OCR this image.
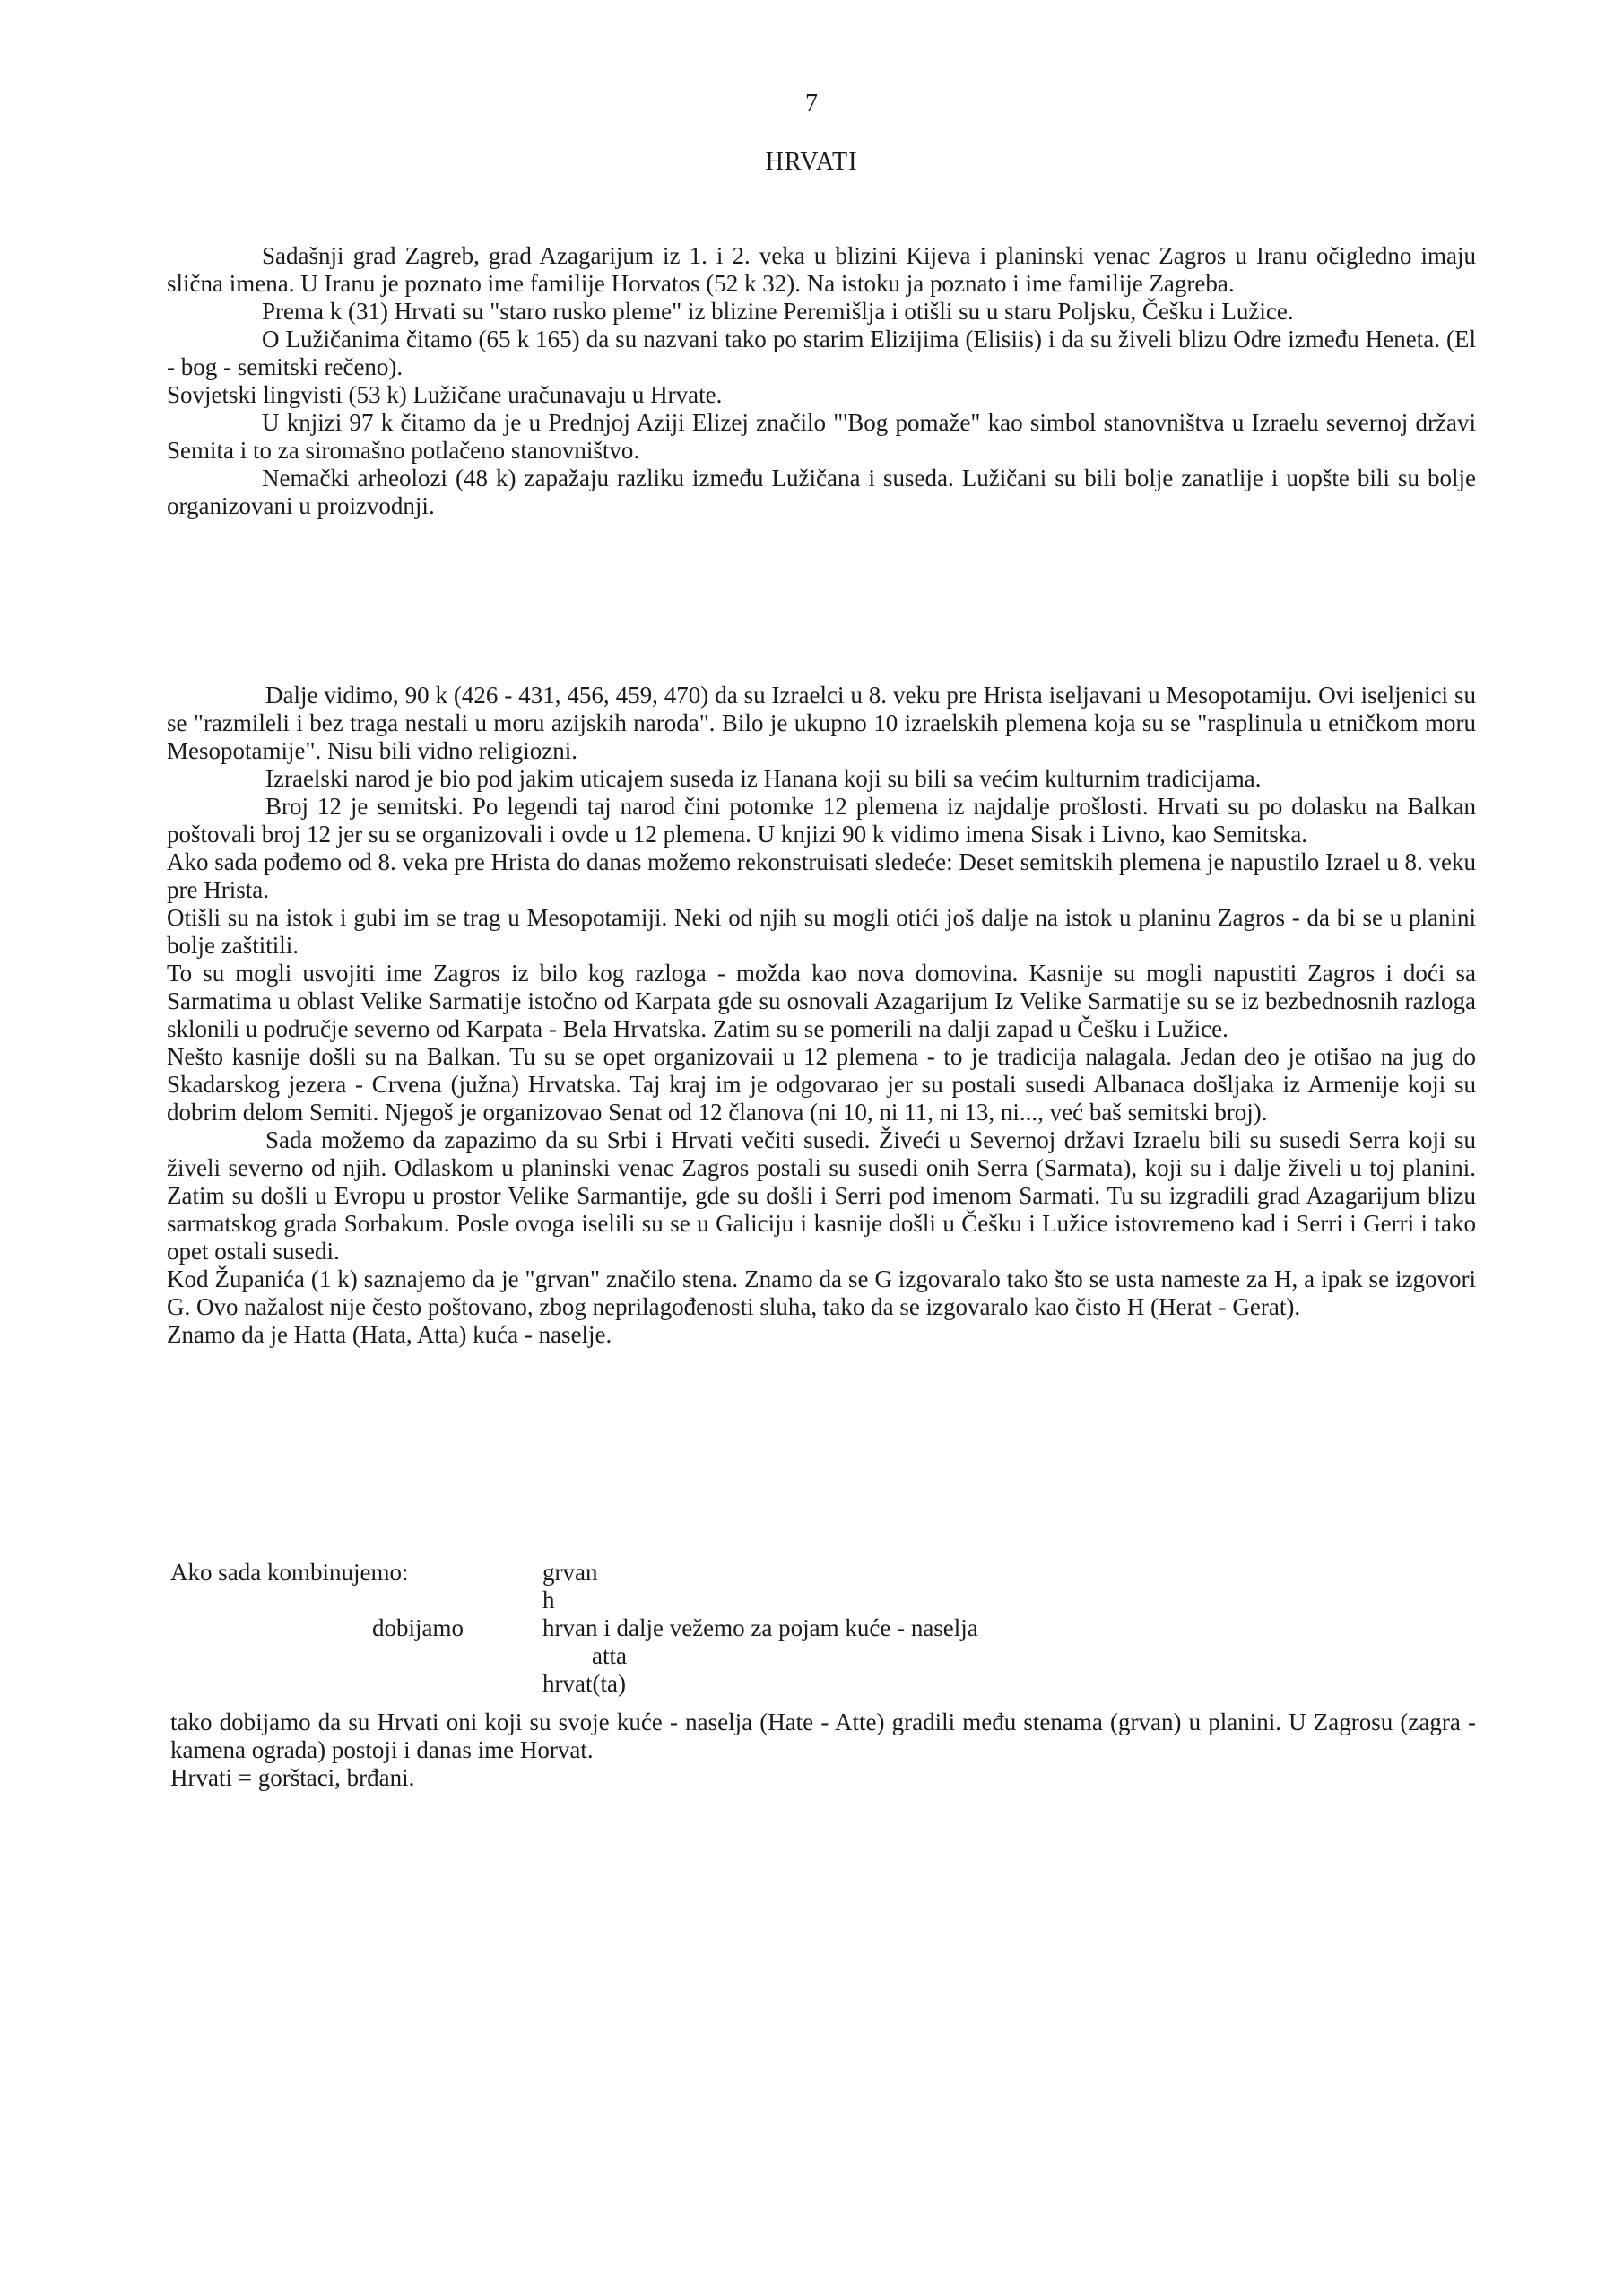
7
HRVATI

Sadašnji grad Zagreb, grad Azagarijum iz 1. i 2. veka u blizini Kijeva i planinski venac Zagros u Iranu očigledno imaju slična imena. U Iranu je poznato ime familije Horvatos (52 k 32). Na istoku ja poznato i ime familije Zagreba.

Prema k (31) Hrvati su "staro rusko pleme" iz blizine Peremišlja i otišli su u staru Poljsku, Češku i Lužice.

O Lužičanima čitamo (65 k 165) da su nazvani tako po starim Elizijima (Elisiis) i da su živeli blizu Odre između Heneta. (El - bog - semitski rečeno).

Sovjetski lingvisti (53 k) Lužičane uračunavaju u Hrvate.

U knjizi 97 k čitamo da je u Prednjoj Aziji Elizej značilo "'Bog pomaže" kao simbol stanovništva u Izraelu severnoj državi Semita i to za siromašno potlačeno stanovništvo.

Nemački arheolozi (48 k) zapažaju razliku između Lužičana i suseda. Lužičani su bili bolje zanatlije i uopšte bili su bolje organizovani u proizvodnji.

Dalje vidimo, 90 k (426 - 431, 456, 459, 470) da su Izraelci u 8. veku pre Hrista iseljavani u Mesopotamiju. Ovi iseljenici su se "razmileli i bez traga nestali u moru azijskih naroda". Bilo je ukupno 10 izraelskih plemena koja su se "rasplinula u etničkom moru Mesopotamije". Nisu bili vidno religiozni.

Izraelski narod je bio pod jakim uticajem suseda iz Hanana koji su bili sa većim kulturnim tradicijama.

Broj 12 je semitski. Po legendi taj narod čini potomke 12 plemena iz najdalje prošlosti. Hrvati su po dolasku na Balkan poštovali broj 12 jer su se organizovali i ovde u 12 plemena. U knjizi 90 k vidimo imena Sisak i Livno, kao Semitska.

Ako sada pođemo od 8. veka pre Hrista do danas možemo rekonstruisati sledeće: Deset semitskih plemena je napustilo Izrael u 8. veku pre Hrista.

Otišli su na istok i gubi im se trag u Mesopotamiji. Neki od njih su mogli otići još dalje na istok u planinu Zagros - da bi se u planini bolje zaštitili.

To su mogli usvojiti ime Zagros iz bilo kog razloga - možda kao nova domovina. Kasnije su mogli napustiti Zagros i doći sa Sarmatima u oblast Velike Sarmatije istočno od Karpata gde su osnovali Azagarijum Iz Velike Sarmatije su se iz bezbednosnih razloga sklonili u područje severno od Karpata - Bela Hrvatska. Zatim su se pomerili na dalji zapad u Češku i Lužice.

Nešto kasnije došli su na Balkan. Tu su se opet organizovaii u 12 plemena - to je tradicija nalagala. Jedan deo je otišao na jug do Skadarskog jezera - Crvena (južna) Hrvatska. Taj kraj im je odgovarao jer su postali susedi Albanaca došljaka iz Armenije koji su dobrim delom Semiti. Njegoš je organizovao Senat od 12 članova (ni 10, ni 11, ni 13, ni..., već baš semitski broj).

Sada možemo da zapazimo da su Srbi i Hrvati večiti susedi. Živeći u Severnoj državi Izraelu bili su susedi Serra koji su živeli severno od njih. Odlaskom u planinski venac Zagros postali su susedi onih Serra (Sarmata), koji su i dalje živeli u toj planini. Zatim su došli u Evropu u prostor Velike Sarmantije, gde su došli i Serri pod imenom Sarmati. Tu su izgradili grad Azagarijum blizu sarmatskog grada Sorbakum. Posle ovoga iselili su se u Galiciju i kasnije došli u Češku i Lužice istovremeno kad i Serri i Gerri i tako opet ostali susedi.

Kod Županića (1 k) saznajemo da je "grvan" značilo stena. Znamo da se G izgovaralo tako što se usta nameste za H, a ipak se izgovori G. Ovo nažalost nije često poštovano, zbog neprilagođenosti sluha, tako da se izgovaralo kao čisto H (Herat - Gerat).

Znamo da je Hatta (Hata, Atta) kuća - naselje.

Ako sada kombinujemo:	grvan
h
dobijamo	hrvan i dalje vežemo za pojam kuće - naselja
atta
hrvat(ta)

tako dobijamo da su Hrvati oni koji su svoje kuće - naselja (Hate - Atte) gradili među stenama (grvan) u planini. U Zagrosu (zagra - kamena ograda) postoji i danas ime Horvat.

Hrvati = gorštaci, brđani.
